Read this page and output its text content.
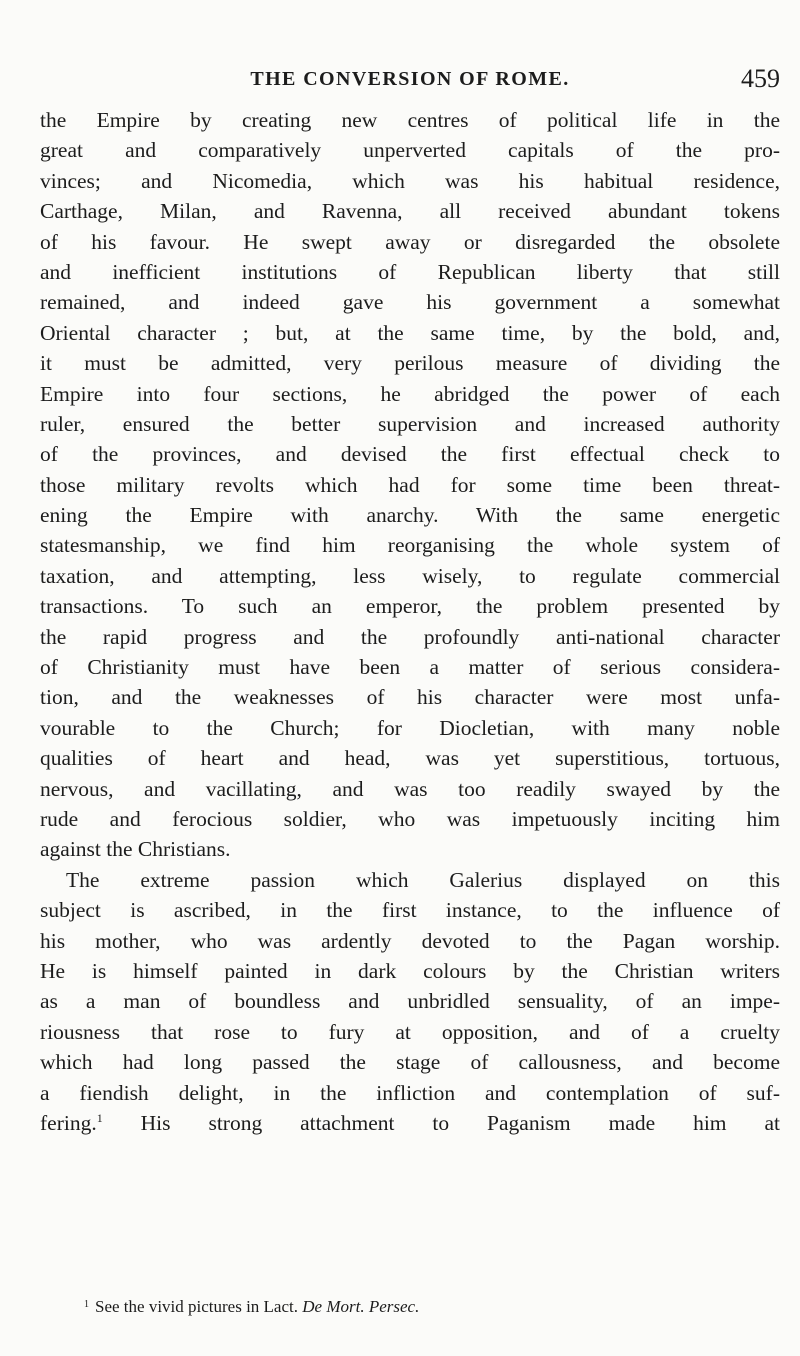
THE CONVERSION OF ROME.	459
the Empire by creating new centres of political life in the
great and comparatively unperverted capitals of the pro-
vinces; and Nicomedia, which was his habitual residence,
Carthage, Milan, and Ravenna, all received abundant tokens
of his favour. He swept away or disregarded the obsolete
and inefficient institutions of Republican liberty that still
remained, and indeed gave his government a somewhat
Oriental character ; but, at the same time, by the bold, and,
it must be admitted, very perilous measure of dividing the
Empire into four sections, he abridged the power of each
ruler, ensured the better supervision and increased authority
of the provinces, and devised the first effectual check to
those military revolts which had for some time been threat-
ening the Empire with anarchy. With the same energetic
statesmanship, we find him reorganising the whole system of
taxation, and attempting, less wisely, to regulate commercial
transactions. To such an emperor, the problem presented by
the rapid progress and the profoundly anti-national character
of Christianity must have been a matter of serious considera-
tion, and the weaknesses of his character were most unfa-
vourable to the Church; for Diocletian, with many noble
qualities of heart and head, was yet superstitious, tortuous,
nervous, and vacillating, and was too readily swayed by the
rude and ferocious soldier, who was impetuously inciting him
against the Christians.
The extreme passion which Galerius displayed on this
subject is ascribed, in the first instance, to the influence of
his mother, who was ardently devoted to the Pagan worship.
He is himself painted in dark colours by the Christian writers
as a man of boundless and unbridled sensuality, of an impe-
riousness that rose to fury at opposition, and of a cruelty
which had long passed the stage of callousness, and become
a fiendish delight, in the infliction and contemplation of suf-
fering.$^1$ His strong attachment to Paganism made him at
$^1$ See the vivid pictures in Lact. De Mort. Persec.
